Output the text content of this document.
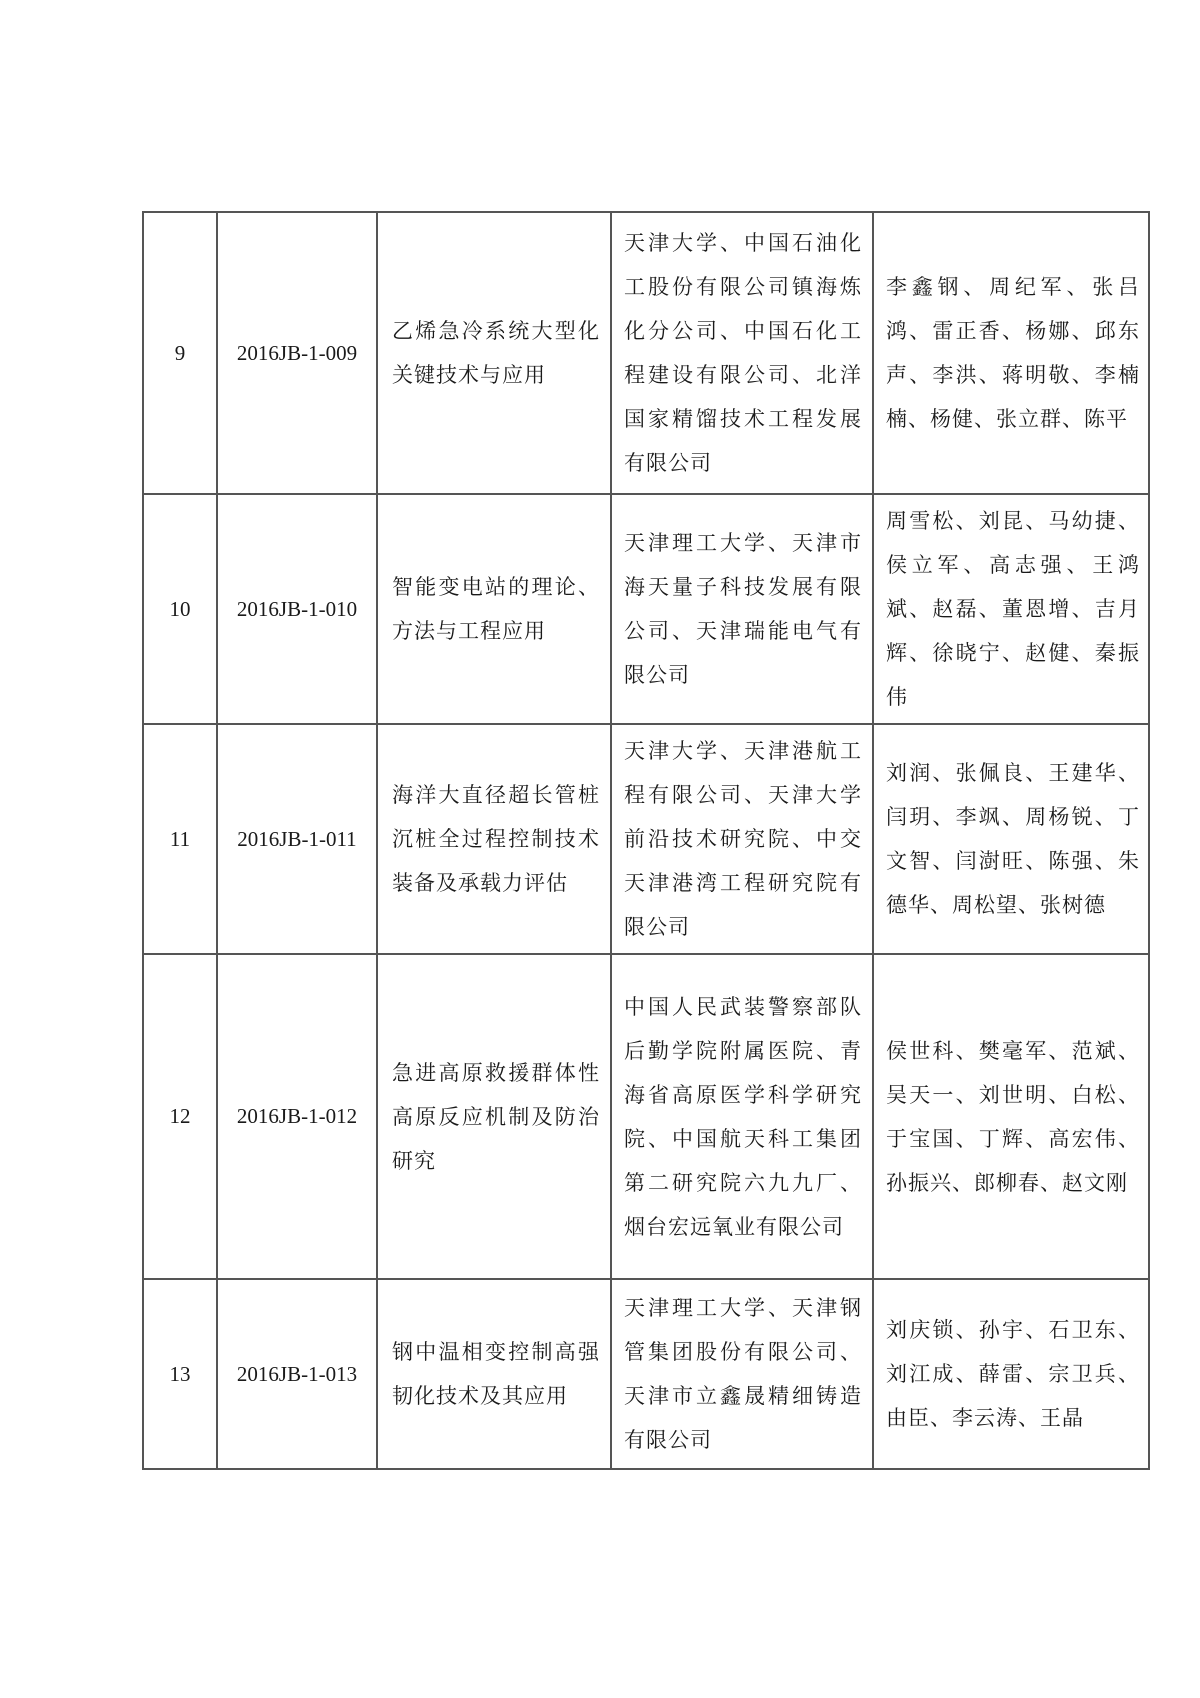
9	2016JB-1-009	乙烯急冷系统大型化关键技术与应用	天津大学、中国石油化工股份有限公司镇海炼化分公司、中国石化工程建设有限公司、北洋国家精馏技术工程发展有限公司	李鑫钢、周纪军、张吕鸿、雷正香、杨娜、邱东声、李洪、蒋明敬、李楠楠、杨健、张立群、陈平

10	2016JB-1-010	智能变电站的理论、方法与工程应用	天津理工大学、天津市海天量子科技发展有限公司、天津瑞能电气有限公司	周雪松、刘昆、马幼捷、侯立军、高志强、王鸿斌、赵磊、董恩增、吉月辉、徐晓宁、赵健、秦振伟

11	2016JB-1-011	海洋大直径超长管桩沉桩全过程控制技术装备及承载力评估	天津大学、天津港航工程有限公司、天津大学前沿技术研究院、中交天津港湾工程研究院有限公司	刘润、张佩良、王建华、闫玥、李飒、周杨锐、丁文智、闫澍旺、陈强、朱德华、周松望、张树德

12	2016JB-1-012	急进高原救援群体性高原反应机制及防治研究	中国人民武装警察部队后勤学院附属医院、青海省高原医学科学研究院、中国航天科工集团第二研究院六九九厂、烟台宏远氧业有限公司	侯世科、樊毫军、范斌、吴天一、刘世明、白松、于宝国、丁辉、高宏伟、孙振兴、郎柳春、赵文刚

13	2016JB-1-013	钢中温相变控制高强韧化技术及其应用	天津理工大学、天津钢管集团股份有限公司、天津市立鑫晟精细铸造有限公司	刘庆锁、孙宇、石卫东、刘江成、薛雷、宗卫兵、由臣、李云涛、王晶
